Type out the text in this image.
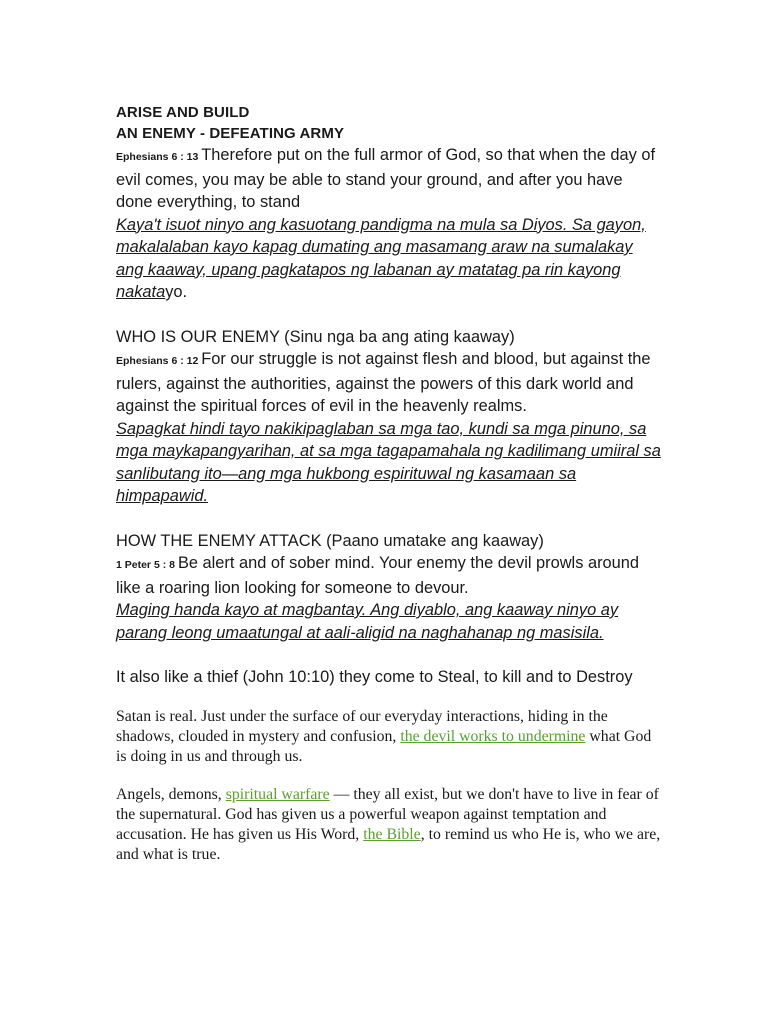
ARISE AND BUILD

AN ENEMY - DEFEATING ARMY

Ephesians 6 : 13 Therefore put on the full armor of God, so that when the day of evil comes, you may be able to stand your ground, and after you have done everything, to stand

Kaya't isuot ninyo ang kasuotang pandigma na mula sa Diyos. Sa gayon, makalalaban kayo kapag dumating ang masamang araw na sumalakay ang kaaway, upang pagkatapos ng labanan ay matatag pa rin kayong nakatayo.

WHO IS OUR ENEMY (Sinu nga ba ang ating kaaway)

Ephesians 6 : 12 For our struggle is not against flesh and blood, but against the rulers, against the authorities, against the powers of this dark world and against the spiritual forces of evil in the heavenly realms.

Sapagkat hindi tayo nakikipaglaban sa mga tao, kundi sa mga pinuno, sa mga maykapangyarihan, at sa mga tagapamahala ng kadilimang umiiral sa sanlibutang ito—ang mga hukbong espirituwal ng kasamaan sa himpapawid.

HOW THE ENEMY ATTACK (Paano umatake ang kaaway)

1 Peter 5 : 8 Be alert and of sober mind. Your enemy the devil prowls around like a roaring lion looking for someone to devour.

Maging handa kayo at magbantay. Ang diyablo, ang kaaway ninyo ay parang leong umaatungal at aali-aligid na naghahanap ng masisila.

It also like a thief (John 10:10) they come to Steal, to kill and to Destroy

Satan is real. Just under the surface of our everyday interactions, hiding in the shadows, clouded in mystery and confusion, the devil works to undermine what God is doing in us and through us.

Angels, demons, spiritual warfare — they all exist, but we don't have to live in fear of the supernatural. God has given us a powerful weapon against temptation and accusation. He has given us His Word, the Bible, to remind us who He is, who we are, and what is true.
